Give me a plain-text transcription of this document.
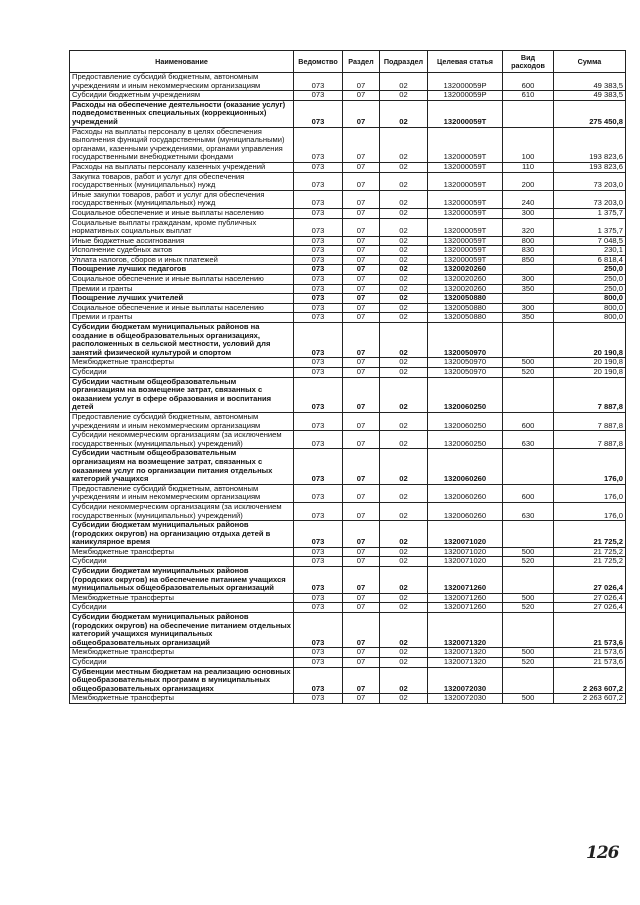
Наименование	Ведомство	Раздел	Подраздел	Целевая статья	Вид расходов	Сумма
Предоставление субсидий бюджетным, автономным учреждениям и иным некоммерческим организациям	073	07	02	132000059Р	600	49 383,5
Субсидии бюджетным учреждениям	073	07	02	132000059Р	610	49 383,5
Расходы на обеспечение деятельности (оказание услуг) подведомственных специальных (коррекционных) учреждений	073	07	02	132000059Т		275 450,8
Расходы на выплаты персоналу в целях обеспечения выполнения функций государственными (муниципальными) органами, казенными учреждениями, органами управления государственными внебюджетными фондами	073	07	02	132000059Т	100	193 823,6
Расходы на выплаты персоналу казенных учреждений	073	07	02	132000059Т	110	193 823,6
Закупка товаров, работ и услуг для обеспечения государственных (муниципальных) нужд	073	07	02	132000059Т	200	73 203,0
Иные закупки товаров, работ и услуг для обеспечения государственных (муниципальных) нужд	073	07	02	132000059Т	240	73 203,0
Социальное обеспечение и иные выплаты населению	073	07	02	132000059Т	300	1 375,7
Социальные выплаты гражданам, кроме публичных нормативных социальных выплат	073	07	02	132000059Т	320	1 375,7
Иные бюджетные ассигнования	073	07	02	132000059Т	800	7 048,5
Исполнение судебных актов	073	07	02	132000059Т	830	230,1
Уплата налогов, сборов и иных платежей	073	07	02	132000059Т	850	6 818,4
Поощрение лучших педагогов	073	07	02	1320020260		250,0
Социальное обеспечение и иные выплаты населению	073	07	02	1320020260	300	250,0
Премии и гранты	073	07	02	1320020260	350	250,0
Поощрение лучших учителей	073	07	02	1320050880		800,0
Социальное обеспечение и иные выплаты населению	073	07	02	1320050880	300	800,0
Премии и гранты	073	07	02	1320050880	350	800,0
Субсидии бюджетам муниципальных районов на создание в общеобразовательных организациях, расположенных в сельской местности, условий для занятий физической культурой и спортом	073	07	02	1320050970		20 190,8
Межбюджетные трансферты	073	07	02	1320050970	500	20 190,8
Субсидии	073	07	02	1320050970	520	20 190,8
Субсидии частным общеобразовательным организациям на возмещение затрат, связанных с оказанием услуг в сфере образования и воспитания детей	073	07	02	1320060250		7 887,8
Предоставление субсидий бюджетным, автономным учреждениям и иным некоммерческим организациям	073	07	02	1320060250	600	7 887,8
Субсидии некоммерческим организациям (за исключением государственных (муниципальных) учреждений)	073	07	02	1320060250	630	7 887,8
Субсидии частным общеобразовательным организациям на возмещение затрат, связанных с оказанием услуг по организации питания отдельных категорий учащихся	073	07	02	1320060260		176,0
Предоставление субсидий бюджетным, автономным учреждениям и иным некоммерческим организациям	073	07	02	1320060260	600	176,0
Субсидии некоммерческим организациям (за исключением государственных (муниципальных) учреждений)	073	07	02	1320060260	630	176,0
Субсидии бюджетам муниципальных районов (городских округов) на организацию отдыха детей в каникулярное время	073	07	02	1320071020		21 725,2
Межбюджетные трансферты	073	07	02	1320071020	500	21 725,2
Субсидии	073	07	02	1320071020	520	21 725,2
Субсидии бюджетам муниципальных районов (городских округов) на обеспечение питанием учащихся муниципальных общеобразовательных организаций	073	07	02	1320071260		27 026,4
Межбюджетные трансферты	073	07	02	1320071260	500	27 026,4
Субсидии	073	07	02	1320071260	520	27 026,4
Субсидии бюджетам муниципальных районов (городских округов) на обеспечение питанием отдельных категорий учащихся муниципальных общеобразовательных организаций	073	07	02	1320071320		21 573,6
Межбюджетные трансферты	073	07	02	1320071320	500	21 573,6
Субсидии	073	07	02	1320071320	520	21 573,6
Субвенции местным бюджетам на реализацию основных общеобразовательных программ в муниципальных общеобразовательных организациях	073	07	02	1320072030		2 263 607,2
Межбюджетные трансферты	073	07	02	1320072030	500	2 263 607,2
126
